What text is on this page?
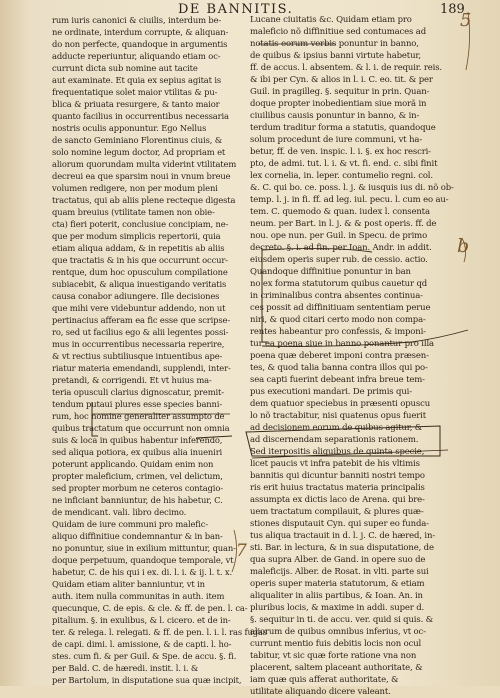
DE BANNITIS.	189
rum iuris canonici & ciuilis, interdum be-
ne ordinate, interdum corrupte, & aliquan-
do non perfecte, quandoque in argumentis
adducte reperiuntur, aliquando etiam oc-
currunt dicta sub nomine aut tacite
aut examinate. Et quia ex sepius agitat is
frequentatique solet maior vtilitas & pu-
blica & priuata resurgere, & tanto maior
quanto facilius in occurrentibus necessaria
nostris oculis apponuntur. Ego Nellus
de sancto Geminiano Florentinus ciuis, &
solo nomine legum doctor, Ad propriam et
aliorum quorundam multa viderint vtilitatem
decreui ea que sparsim noui in vnum breue
volumen redigere, non per modum pleni
tractatus, qui ab aliis plene recteque digesta
quam breuius (vtilitate tamen non obie-
cta) fieri poterit, conclusiue concipiam, ne-
que per modum simplicis repertorii, quia
etiam aliqua addam, & in repetitis ab aliis
que tractatis & in his que occurrunt occur-
rentque, dum hoc opusculum compilatione
subiacebit, & aliqua inuestigando veritatis
causa conabor adiungere. Ille decisiones
que mihi vere videbuntur addendo, non ut
pertinacius afferam ea fic esse que scripse-
ro, sed ut facilius ego & alii legentes possi-
mus in occurrentibus necessaria reperire,
& vt rectius subtiliusque intuentibus ape-
riatur materia emendandi, supplendi, inter-
pretandi, & corrigendi. Et vt huius ma-
teria opusculi clarius dignoscatur, premit-
tendum putaui plures esse species banni-
rum, hoc nomine generaliter assumpto de
quibus tractatum que occurrunt non omnia
suis & loca in quibus habentur inferendo,
sed aliqua potiora, ex quibus alia inueniri
poterunt applicando. Quidam enim non
propter maleficium, crimen, vel delictum,
sed propter morbum ne ceteros contagio-
ne inficiant banniuntur, de his habetur, C.
de mendicant. vali. libro decimo.
Quidam de iure communi pro malefic-
aliquo diffinitiue condemnantur & in ban-
no ponuntur, siue in exilium mittuntur, quan-
doque perpetuum, quandoque temporale, vt
habetur, C. de his qui i ex. di. l. i. & ij. l. t. x.
Quidam etiam aliter banniuntur, vt in
auth. item nulla communitas in auth. item
quecunque, C. de epis. & cle. & ff. de pen. l. ca-
pitalium. §. in exulibus, & l. cicero. et de in-
ter. & relega. l. relegati. & ff. de pen. l. i. l. ras fugas
de capi. dimi. l. amissione, & de capti. l. ho-
stes. cum fi. & per Guil. & Spe. de accu. §. fi.
per Bald. C. de hæredi. instit. l. i. &
per Bartolum, in disputatione sua quæ incipit,
Lucane ciuitatis &c. Quidam etiam pro
maleficio nõ diffinitiue sed contumaces ad
notatis eorum verbis ponuntur in banno,
de quibus & ipsius banni virtute habetur,
ff. de accus. l. absentem. & l. i. de requir. reis.
& ibi per Cyn. & alios in l. i. C. eo. tit. & per
Guil. in pragilleg. §. sequitur in prin. Quan-
doque propter inobedientiam siue morã in
ciuilibus causis ponuntur in banno, & in-
terdum traditur forma a statutis, quandoque
solum procedunt de iure communi, vt ha-
betur, ff. de ven. inspic. l. i. §. ex hoc rescri-
pto, de admi. tut. l. i. & vt. fi. end. c. sibi finit
lex cornelia, in. leper. contumelio regni. col.
&. C. qui bo. ce. poss. l. j. & iusquis ius di. nõ ob-
temp. l. j. in fi. ff. ad leg. iul. pecu. l. cum eo au-
tem. C. quemodo & quan. iudex l. consenta
neum. per Bart. in l. j. & & post operis. ff. de
nou. ope nun. per Guil. in Specu. de primo
decreto. §. i. ad fin. per Ioan. Andr. in addit.
eiusdem operis super rub. de cessio. actio.
Quandoque diffinitiue ponuntur in ban
no ex forma statutorum quibus cauetur qd
in criminalibus contra absentes continua-
ces possit ad diffinitiuam sententiam perue
niri, & quod citari certo modo non compa-
rentes habeantur pro confessis, & imponi-
tur ea poena siue in banno ponantur pro illa
poena quæ deberet imponi contra præsen-
tes, & quod talia banna contra illos qui po-
sea capti fuerint debeant infra breue tem-
pus executioni mandari. De primis qui-
dem quatuor speciebus in præsenti opuscu
lo nõ tractabitur, nisi quatenus opus fuerit
ad decisionem eorum de quibus agitur, &
ad discernendam separationis rationem.
Sed iterpositis aliquibus de quinta specie,
licet paucis vt infra patebit de his vltimis
bannitis qui dicuntur banniti nostri tempo
ris erit huius tractatus materia principalis
assumpta ex dictis laco de Arena. qui bre-
uem tractatum compilauit, & plures quæ-
stiones disputauit Cyn. qui super eo funda-
tus aliqua tractauit in d. l. j. C. de hæred, in-
sti. Bar. in lectura, & in sua disputatione, de
qua supra Alber. de Gand. in opere suo de
maleficijs. Alber. de Rosat. in vlti. parte sui
operis super materia statutorum, & etiam
aliqualiter in aliis partibus, & Ioan. An. in
pluribus locis, & maxime in addi. super d.
§. sequitur in ti. de accu. ver. quid si quis. &
aliorum de quibus omnibus inferius, vt oc-
currunt mentio fuis debitis locis non ocul
tabitur, vt sic quæ forte ratione vna non
placerent, saltem placeant authoritate, &
iam quæ quis afferat authoritate, &
utilitate aliquando dicere valeant.
5
b
7
